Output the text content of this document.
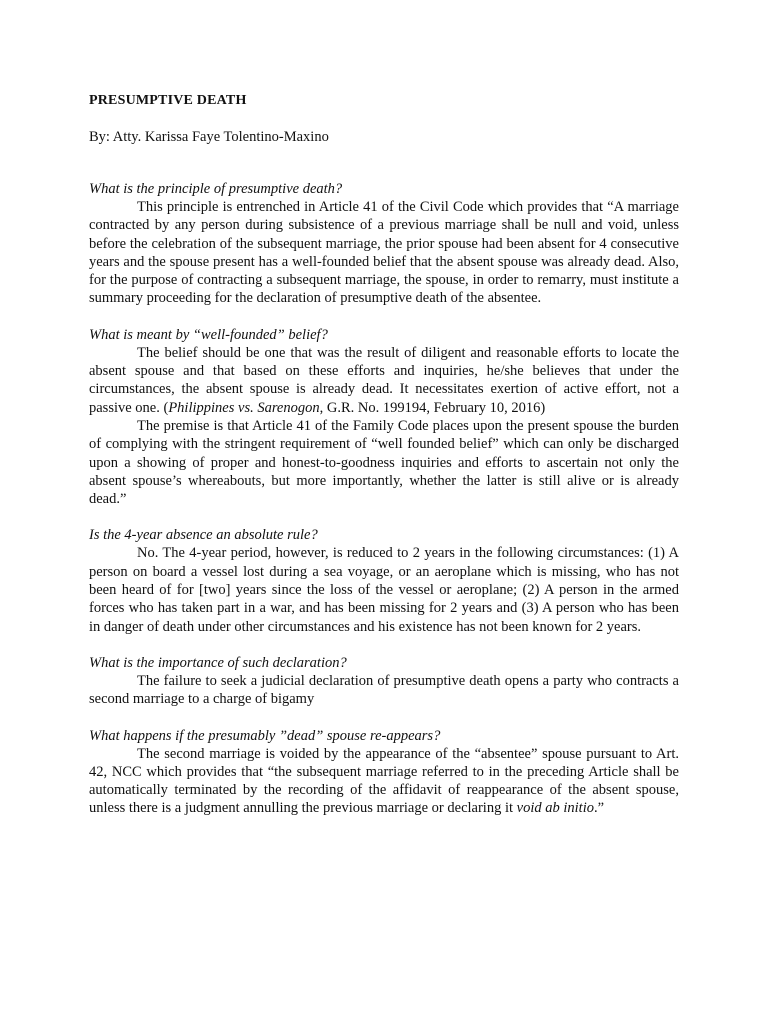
PRESUMPTIVE DEATH
By: Atty. Karissa Faye Tolentino-Maxino

What is the principle of presumptive death?

This principle is entrenched in Article 41 of the Civil Code which provides that “A marriage contracted by any person during subsistence of a previous marriage shall be null and void, unless before the celebration of the subsequent marriage, the prior spouse had been absent for 4 consecutive years and the spouse present has a well-founded belief that the absent spouse was already dead. Also, for the purpose of contracting a subsequent marriage, the spouse, in order to remarry, must institute a summary proceeding for the declaration of presumptive death of the absentee.

What is meant by “well-founded” belief?

The belief should be one that was the result of diligent and reasonable efforts to locate the absent spouse and that based on these efforts and inquiries, he/she believes that under the circumstances, the absent spouse is already dead. It necessitates exertion of active effort, not a passive one. (Philippines vs. Sarenogon, G.R. No. 199194, February 10, 2016)

The premise is that Article 41 of the Family Code places upon the present spouse the burden of complying with the stringent requirement of “well founded belief” which can only be discharged upon a showing of proper and honest-to-goodness inquiries and efforts to ascertain not only the absent spouse’s whereabouts, but more importantly, whether the latter is still alive or is already dead.”

Is the 4-year absence an absolute rule?

No. The 4-year period, however, is reduced to 2 years in the following circumstances: (1) A person on board a vessel lost during a sea voyage, or an aeroplane which is missing, who has not been heard of for [two] years since the loss of the vessel or aeroplane; (2) A person in the armed forces who has taken part in a war, and has been missing for 2 years and (3) A person who has been in danger of death under other circumstances and his existence has not been known for 2 years.

What is the importance of such declaration?

The failure to seek a judicial declaration of presumptive death opens a party who contracts a second marriage to a charge of bigamy

What happens if the presumably ”dead” spouse re-appears?

The second marriage is voided by the appearance of the “absentee” spouse pursuant to Art. 42, NCC which provides that “the subsequent marriage referred to in the preceding Article shall be automatically terminated by the recording of the affidavit of reappearance of the absent spouse, unless there is a judgment annulling the previous marriage or declaring it void ab initio.”
